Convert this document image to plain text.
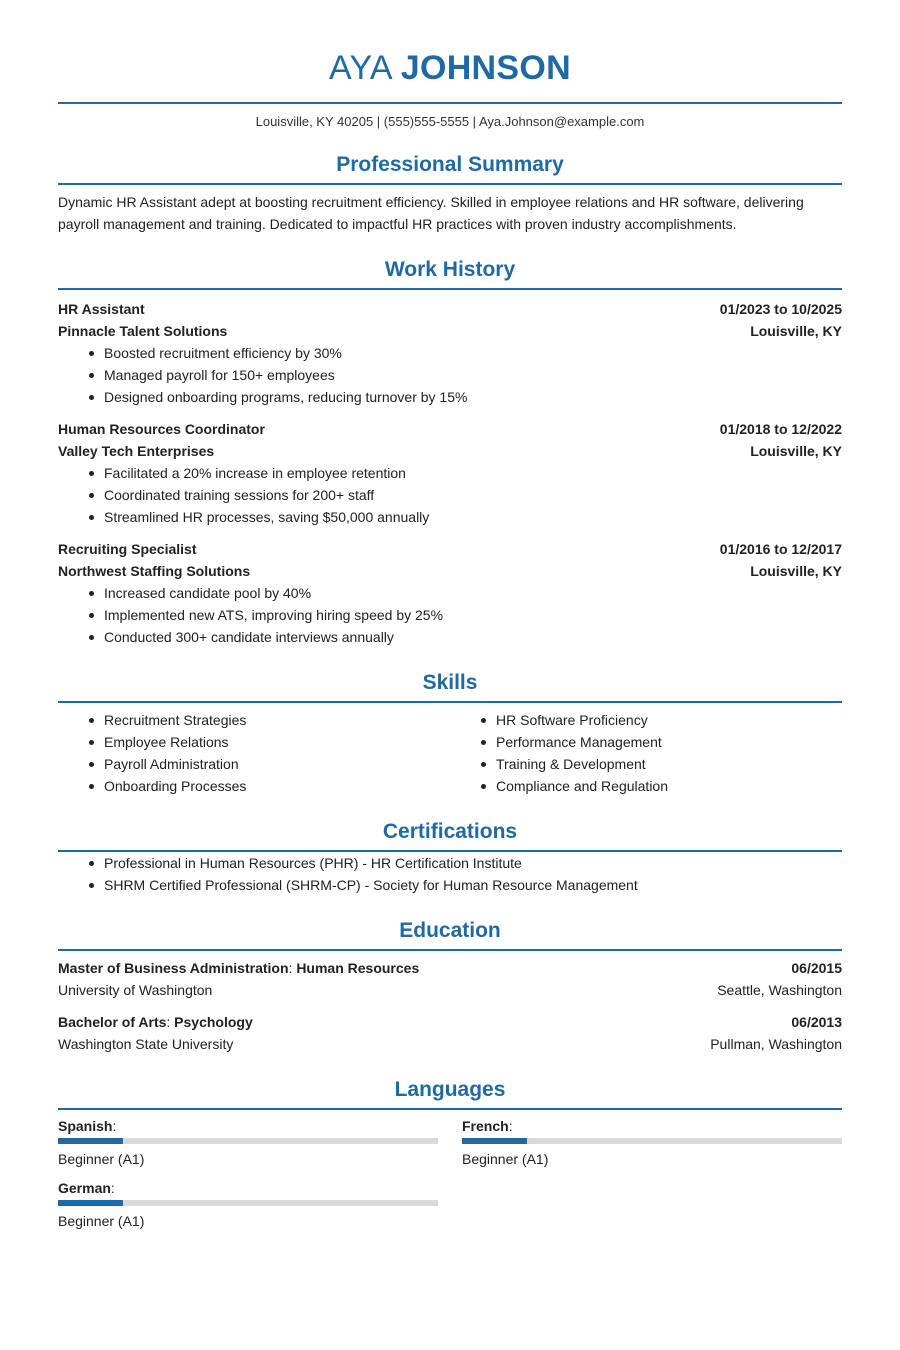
AYA JOHNSON
Louisville, KY 40205 | (555)555-5555 | Aya.Johnson@example.com
Professional Summary
Dynamic HR Assistant adept at boosting recruitment efficiency. Skilled in employee relations and HR software, delivering payroll management and training. Dedicated to impactful HR practices with proven industry accomplishments.
Work History
HR Assistant	01/2023 to 10/2025
Pinnacle Talent Solutions	Louisville, KY
Boosted recruitment efficiency by 30%
Managed payroll for 150+ employees
Designed onboarding programs, reducing turnover by 15%
Human Resources Coordinator	01/2018 to 12/2022
Valley Tech Enterprises	Louisville, KY
Facilitated a 20% increase in employee retention
Coordinated training sessions for 200+ staff
Streamlined HR processes, saving $50,000 annually
Recruiting Specialist	01/2016 to 12/2017
Northwest Staffing Solutions	Louisville, KY
Increased candidate pool by 40%
Implemented new ATS, improving hiring speed by 25%
Conducted 300+ candidate interviews annually
Skills
Recruitment Strategies
Employee Relations
Payroll Administration
Onboarding Processes
HR Software Proficiency
Performance Management
Training & Development
Compliance and Regulation
Certifications
Professional in Human Resources (PHR) - HR Certification Institute
SHRM Certified Professional (SHRM-CP) - Society for Human Resource Management
Education
Master of Business Administration: Human Resources	06/2015
University of Washington	Seattle, Washington
Bachelor of Arts: Psychology	06/2013
Washington State University	Pullman, Washington
Languages
Spanish:
Beginner (A1)
French:
Beginner (A1)
German:
Beginner (A1)
